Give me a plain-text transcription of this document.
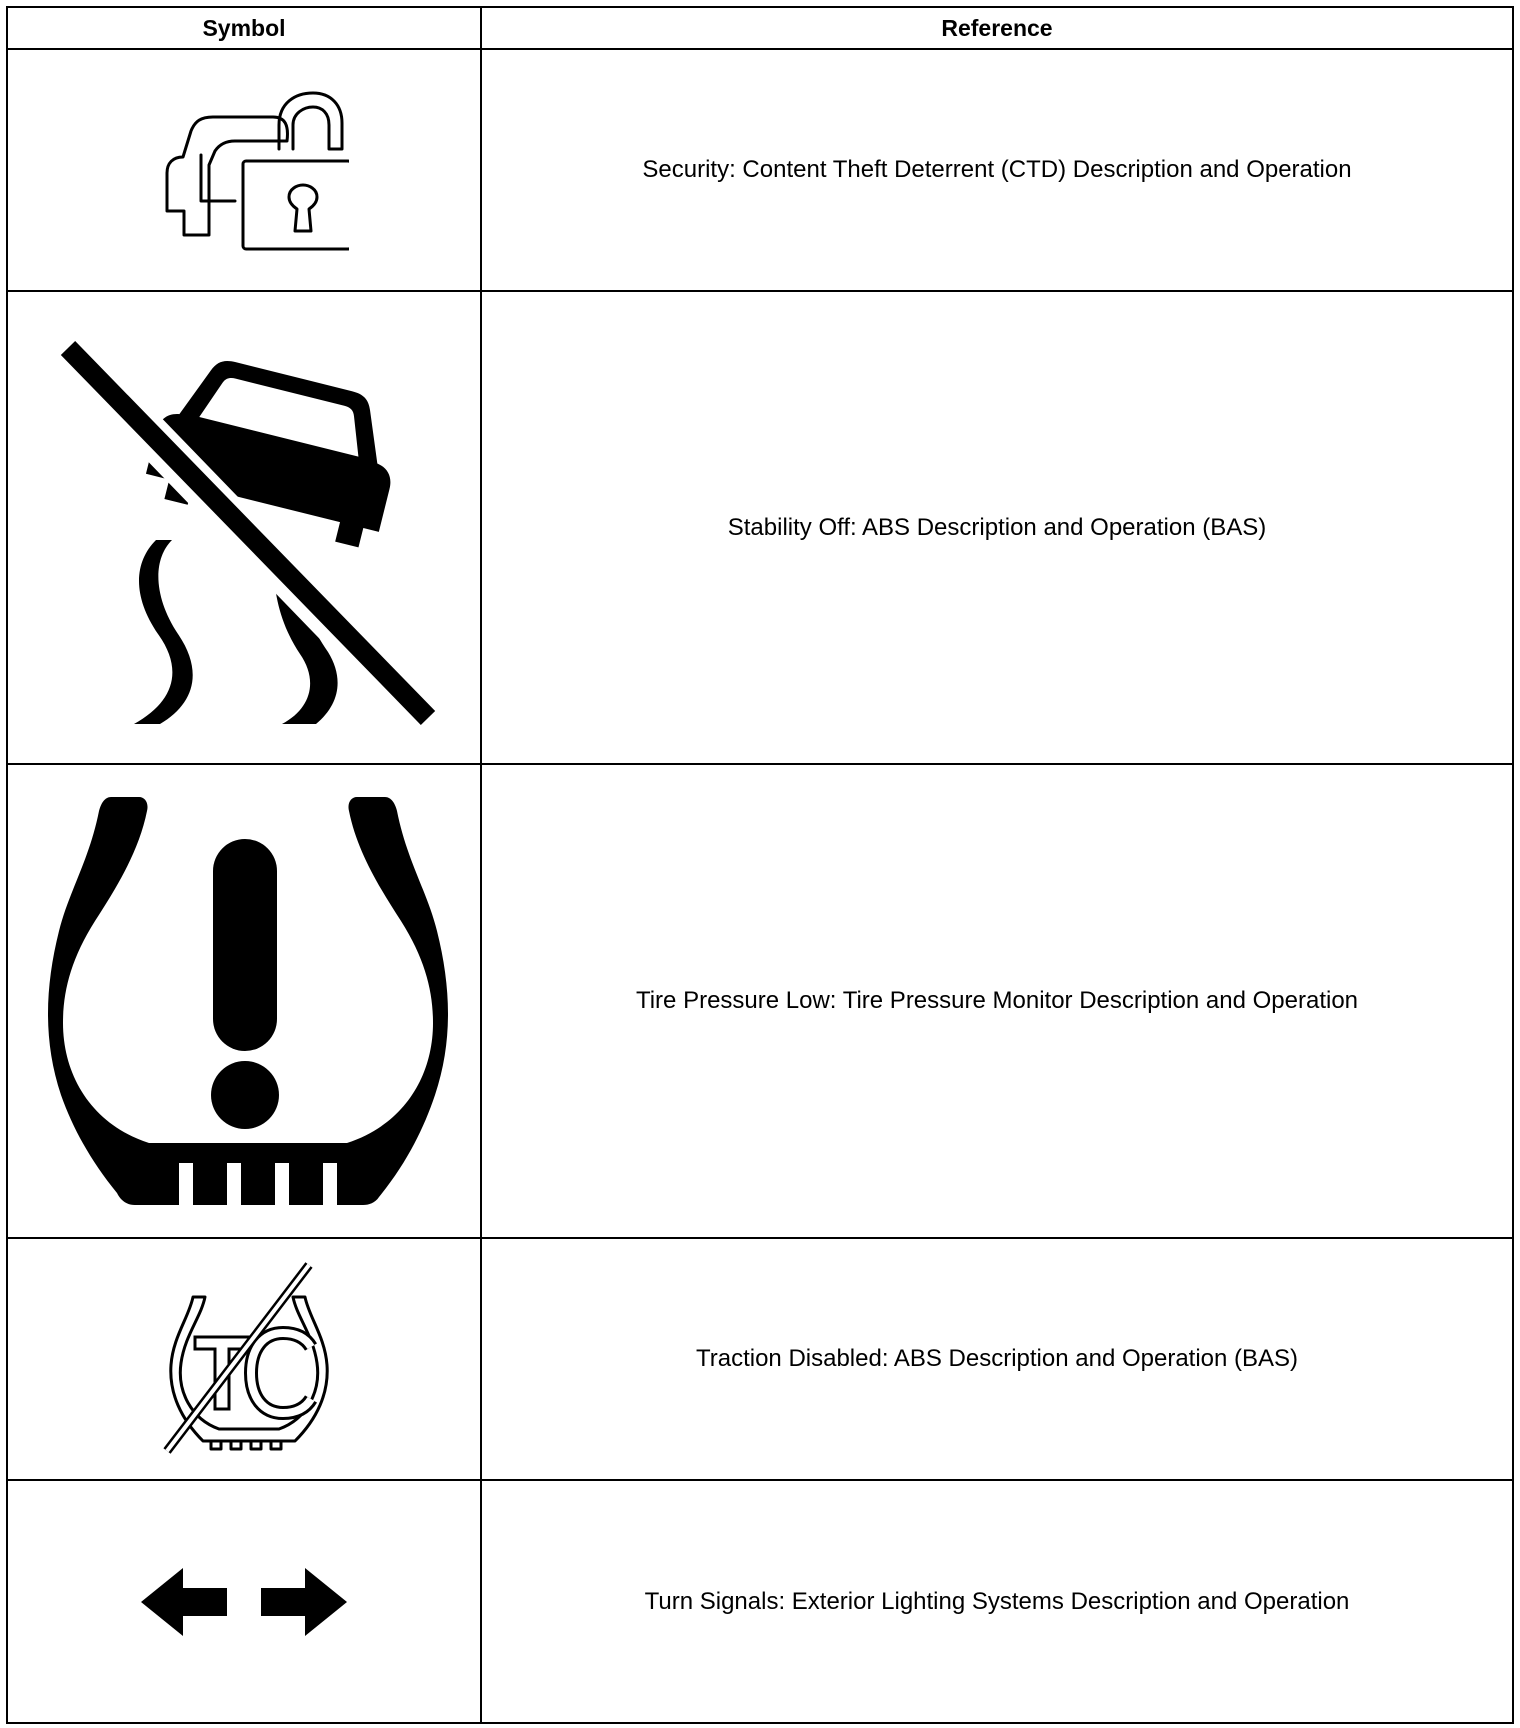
Symbol	Reference

	Security: Content Theft Deterrent (CTD) Description and Operation

	Stability Off: ABS Description and Operation (BAS)

	Tire Pressure Low: Tire Pressure Monitor Description and Operation

	Traction Disabled: ABS Description and Operation (BAS)

	Turn Signals: Exterior Lighting Systems Description and Operation
